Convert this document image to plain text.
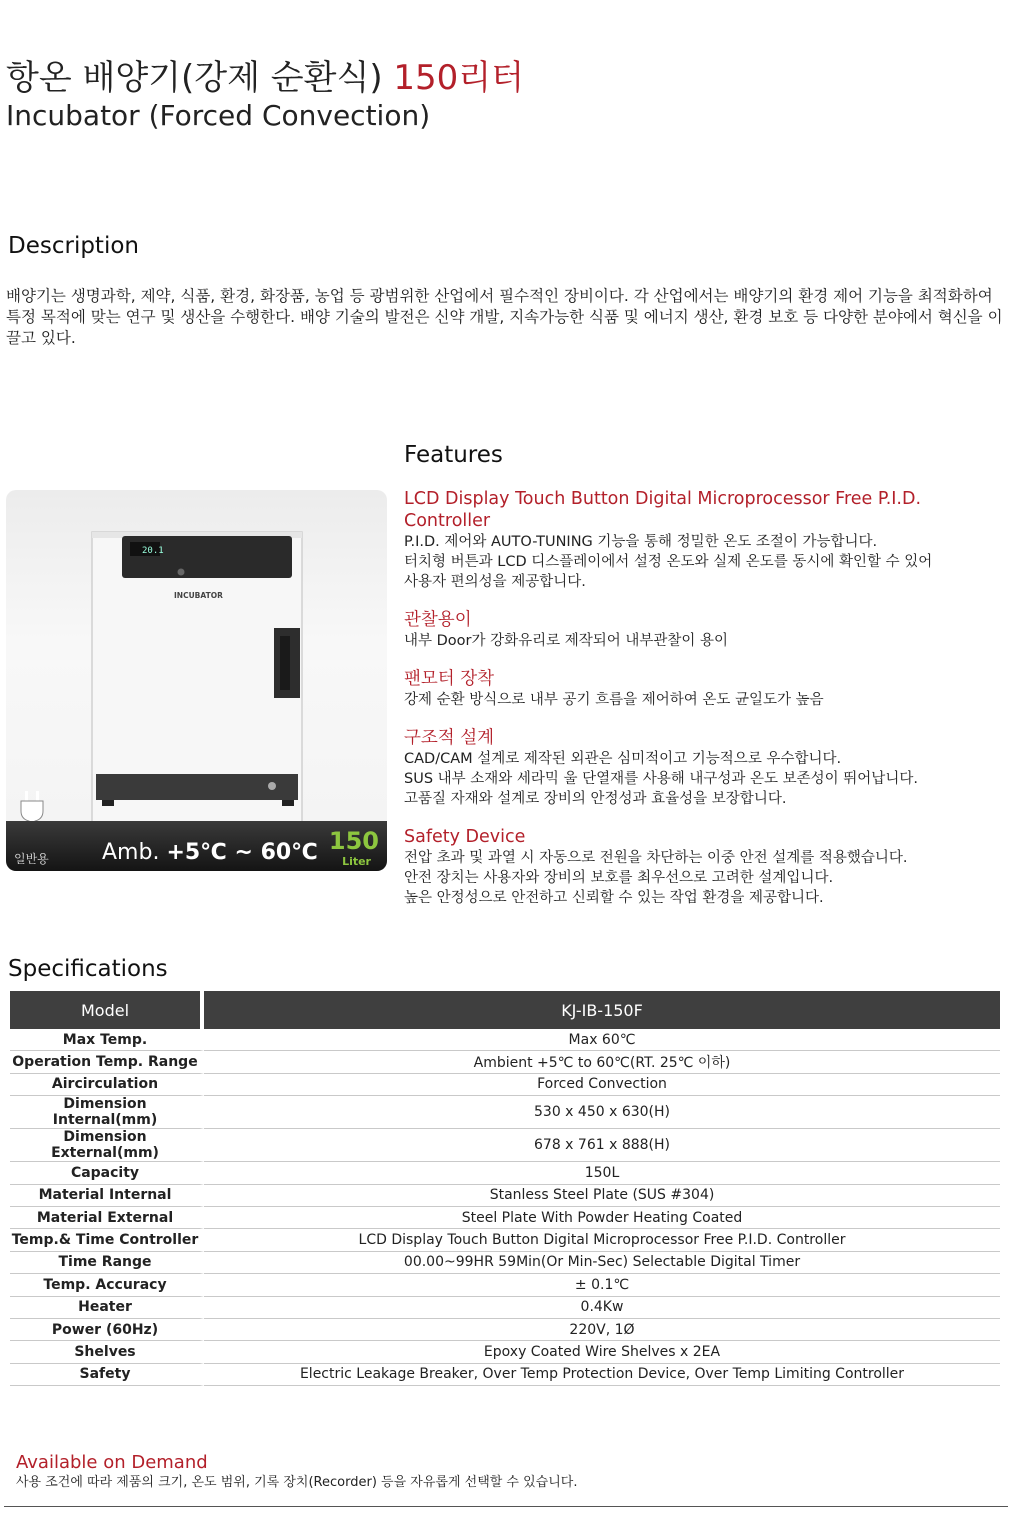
항온 배양기(강제 순환식) 150리터
Incubator (Forced Convection)
Description
배양기는 생명과학, 제약, 식품, 환경, 화장품, 농업 등 광범위한 산업에서 필수적인 장비이다. 각 산업에서는 배양기의 환경 제어 기능을 최적화하여 특정 목적에 맞는 연구 및 생산을 수행한다. 배양 기술의 발전은 신약 개발, 지속가능한 식품 및 에너지 생산, 환경 보호 등 다양한 분야에서 혁신을 이끌고 있다.
Features
20.1
INCUBATOR
일반용 Amb. +5℃ ~ 60℃ 150
Liter
LCD Display Touch Button Digital Microprocessor Free P.I.D. Controller
P.I.D. 제어와 AUTO-TUNING 기능을 통해 정밀한 온도 조절이 가능합니다.
터치형 버튼과 LCD 디스플레이에서 설정 온도와 실제 온도를 동시에 확인할 수 있어
사용자 편의성을 제공합니다.
관찰용이
내부 Door가 강화유리로 제작되어 내부관찰이 용이
팬모터 장착
강제 순환 방식으로 내부 공기 흐름을 제어하여 온도 균일도가 높음
구조적 설계
CAD/CAM 설계로 제작된 외관은 심미적이고 기능적으로 우수합니다.
SUS 내부 소재와 세라믹 울 단열재를 사용해 내구성과 온도 보존성이 뛰어납니다.
고품질 자재와 설계로 장비의 안정성과 효율성을 보장합니다.
Safety Device
전압 초과 및 과열 시 자동으로 전원을 차단하는 이중 안전 설계를 적용했습니다.
안전 장치는 사용자와 장비의 보호를 최우선으로 고려한 설계입니다.
높은 안정성으로 안전하고 신뢰할 수 있는 작업 환경을 제공합니다.
Specifications
Model	KJ-IB-150F
Max Temp.	Max 60℃
Operation Temp. Range	Ambient +5℃ to 60℃(RT. 25℃ 이하)
Aircirculation	Forced Convection
Dimension Internal(mm)	530 x 450 x 630(H)
Dimension External(mm)	678 x 761 x 888(H)
Capacity	150L
Material Internal	Stanless Steel Plate (SUS #304)
Material External	Steel Plate With Powder Heating Coated
Temp.& Time Controller	LCD Display Touch Button Digital Microprocessor Free P.I.D. Controller
Time Range	00.00~99HR 59Min(Or Min-Sec) Selectable Digital Timer
Temp. Accuracy	± 0.1℃
Heater	0.4Kw
Power (60Hz)	220V, 1Ø
Shelves	Epoxy Coated Wire Shelves x 2EA
Safety	Electric Leakage Breaker, Over Temp Protection Device, Over Temp Limiting Controller
Available on Demand
사용 조건에 따라 제품의 크기, 온도 범위, 기록 장치(Recorder) 등을 자유롭게 선택할 수 있습니다.
